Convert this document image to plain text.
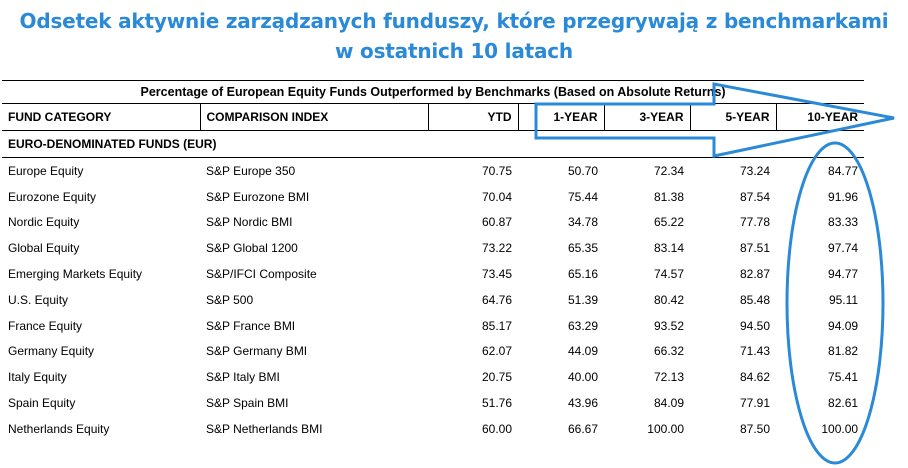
Odsetek aktywnie zarządzanych funduszy, które przegrywają z benchmarkami
w ostatnich 10 latach
Percentage of European Equity Funds Outperformed by Benchmarks (Based on Absolute Returns)						
FUND CATEGORY	COMPARISON INDEX	YTD	1-YEAR	3-YEAR	5-YEAR	10-YEAR
EURO-DENOMINATED FUNDS (EUR)						
Europe Equity	S&P Europe 350	70.75	50.70	72.34	73.24	84.77
Eurozone Equity	S&P Eurozone BMI	70.04	75.44	81.38	87.54	91.96
Nordic Equity	S&P Nordic BMI	60.87	34.78	65.22	77.78	83.33
Global Equity	S&P Global 1200	73.22	65.35	83.14	87.51	97.74
Emerging Markets Equity	S&P/IFCI Composite	73.45	65.16	74.57	82.87	94.77
U.S. Equity	S&P 500	64.76	51.39	80.42	85.48	95.11
France Equity	S&P France BMI	85.17	63.29	93.52	94.50	94.09
Germany Equity	S&P Germany BMI	62.07	44.09	66.32	71.43	81.82
Italy Equity	S&P Italy BMI	20.75	40.00	72.13	84.62	75.41
Spain Equity	S&P Spain BMI	51.76	43.96	84.09	77.91	82.61
Netherlands Equity	S&P Netherlands BMI	60.00	66.67	100.00	87.50	100.00
